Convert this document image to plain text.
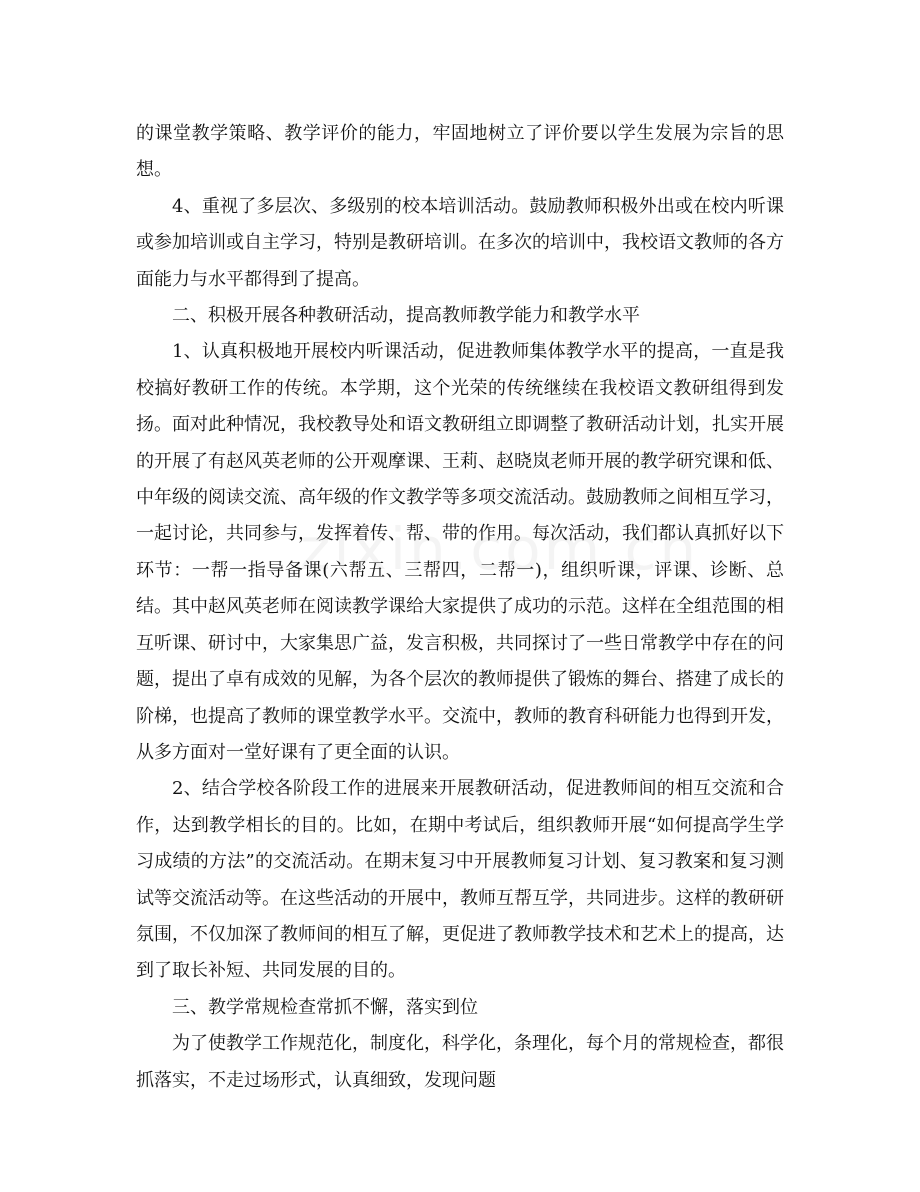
的课堂教学策略、教学评价的能力，牢固地树立了评价要以学生发展为宗旨的思想。

4、重视了多层次、多级别的校本培训活动。鼓励教师积极外出或在校内听课或参加培训或自主学习，特别是教研培训。在多次的培训中，我校语文教师的各方面能力与水平都得到了提高。

二、积极开展各种教研活动，提高教师教学能力和教学水平

1、认真积极地开展校内听课活动，促进教师集体教学水平的提高，一直是我校搞好教研工作的传统。本学期，这个光荣的传统继续在我校语文教研组得到发扬。面对此种情况，我校教导处和语文教研组立即调整了教研活动计划，扎实开展的开展了有赵风英老师的公开观摩课、王莉、赵晓岚老师开展的教学研究课和低、中年级的阅读交流、高年级的作文教学等多项交流活动。鼓励教师之间相互学习，一起讨论，共同参与，发挥着传、帮、带的作用。每次活动，我们都认真抓好以下环节：一帮一指导备课(六帮五、三帮四，二帮一)，组织听课，评课、诊断、总结。其中赵风英老师在阅读教学课给大家提供了成功的示范。这样在全组范围的相互听课、研讨中，大家集思广益，发言积极，共同探讨了一些日常教学中存在的问题，提出了卓有成效的见解，为各个层次的教师提供了锻炼的舞台、搭建了成长的阶梯，也提高了教师的课堂教学水平。交流中，教师的教育科研能力也得到开发，从多方面对一堂好课有了更全面的认识。

2、结合学校各阶段工作的进展来开展教研活动，促进教师间的相互交流和合作，达到教学相长的目的。比如，在期中考试后，组织教师开展“如何提高学生学习成绩的方法”的交流活动。在期末复习中开展教师复习计划、复习教案和复习测试等交流活动等。在这些活动的开展中，教师互帮互学，共同进步。这样的教研研氛围，不仅加深了教师间的相互了解，更促进了教师教学技术和艺术上的提高，达到了取长补短、共同发展的目的。

三、教学常规检查常抓不懈，落实到位

为了使教学工作规范化，制度化，科学化，条理化，每个月的常规检查，都很抓落实，不走过场形式，认真细致，发现问题
